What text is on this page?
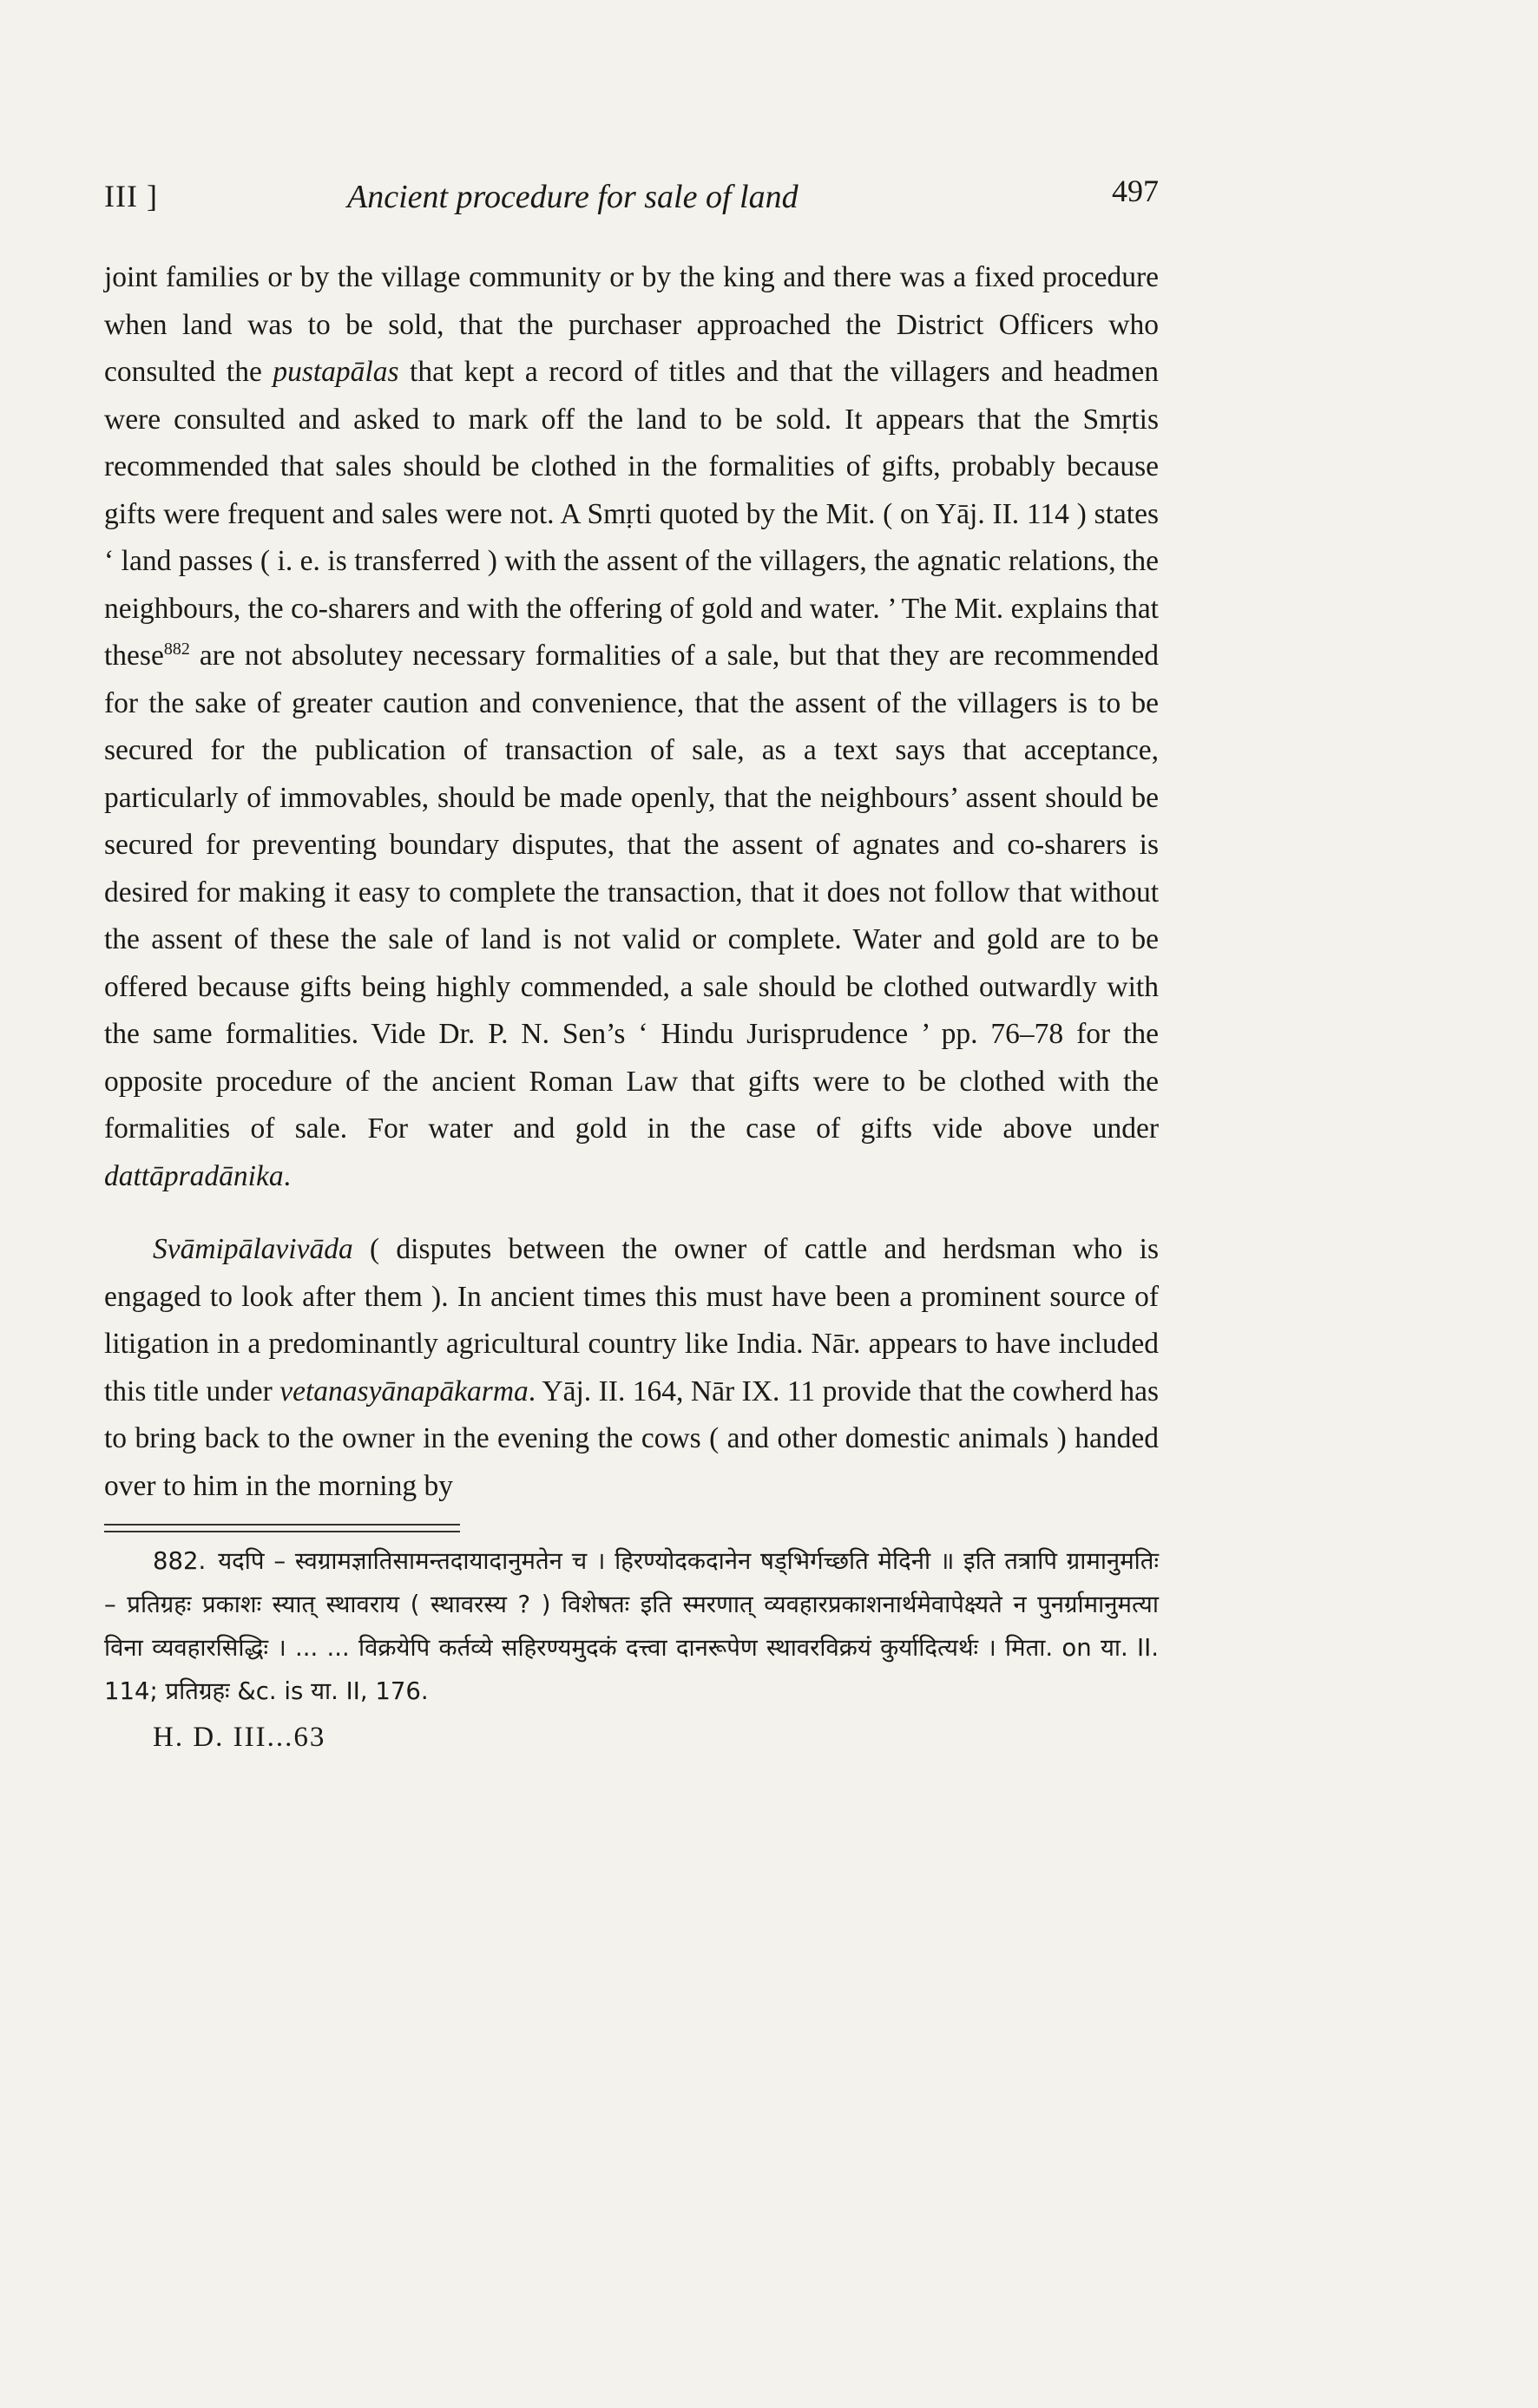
III ]	Ancient procedure for sale of land	497

joint families or by the village community or by the king and there was a fixed procedure when land was to be sold, that the purchaser approached the District Officers who consulted the pustapālas that kept a record of titles and that the villagers and headmen were consulted and asked to mark off the land to be sold. It appears that the Smṛtis recommended that sales should be clothed in the formalities of gifts, probably because gifts were frequent and sales were not. A Smṛti quoted by the Mit. ( on Yāj. II. 114 ) states ‘ land passes ( i. e. is transferred ) with the assent of the villagers, the agnatic relations, the neighbours, the co-sharers and with the offering of gold and water. ’ The Mit. explains that these$^{882}$ are not absolutey necessary formalities of a sale, but that they are recommended for the sake of greater caution and convenience, that the assent of the villagers is to be secured for the publication of transaction of sale, as a text says that acceptance, particularly of immovables, should be made openly, that the neighbours’ assent should be secured for preventing boundary disputes, that the assent of agnates and co-sharers is desired for making it easy to complete the transaction, that it does not follow that without the assent of these the sale of land is not valid or complete. Water and gold are to be offered because gifts being highly commended, a sale should be clothed outwardly with the same formalities. Vide Dr. P. N. Sen’s ‘ Hindu Jurisprudence ’ pp. 76–78 for the opposite procedure of the ancient Roman Law that gifts were to be clothed with the formalities of sale. For water and gold in the case of gifts vide above under dattāpradānika.

Svāmipālavivāda ( disputes between the owner of cattle and herdsman who is engaged to look after them ). In ancient times this must have been a prominent source of litigation in a predominantly agricultural country like India. Nār. appears to have included this title under vetanasyānapākarma. Yāj. II. 164, Nār IX. 11 provide that the cowherd has to bring back to the owner in the evening the cows ( and other domestic animals ) handed over to him in the morning by

882. यदपि – स्वग्रामज्ञातिसामन्तदायादानुमतेन च । हिरण्योदकदानेन षड्भिर्गच्छति मेदिनी ॥ इति तत्रापि ग्रामानुमतिः – प्रतिग्रहः प्रकाशः स्यात् स्थावराय ( स्थावरस्य ? ) विशेषतः इति स्मरणात् व्यवहारप्रकाशनार्थमेवापेक्ष्यते न पुनर्ग्रामानुमत्या विना व्यवहारसिद्धिः । ... ... विक्रयेपि कर्तव्ये सहिरण्यमुदकं दत्त्वा दानरूपेण स्थावरविक्रयं कुर्यादित्यर्थः । मिता. on या. II. 114; प्रतिग्रहः &c. is या. II, 176.
H. D. III...63
